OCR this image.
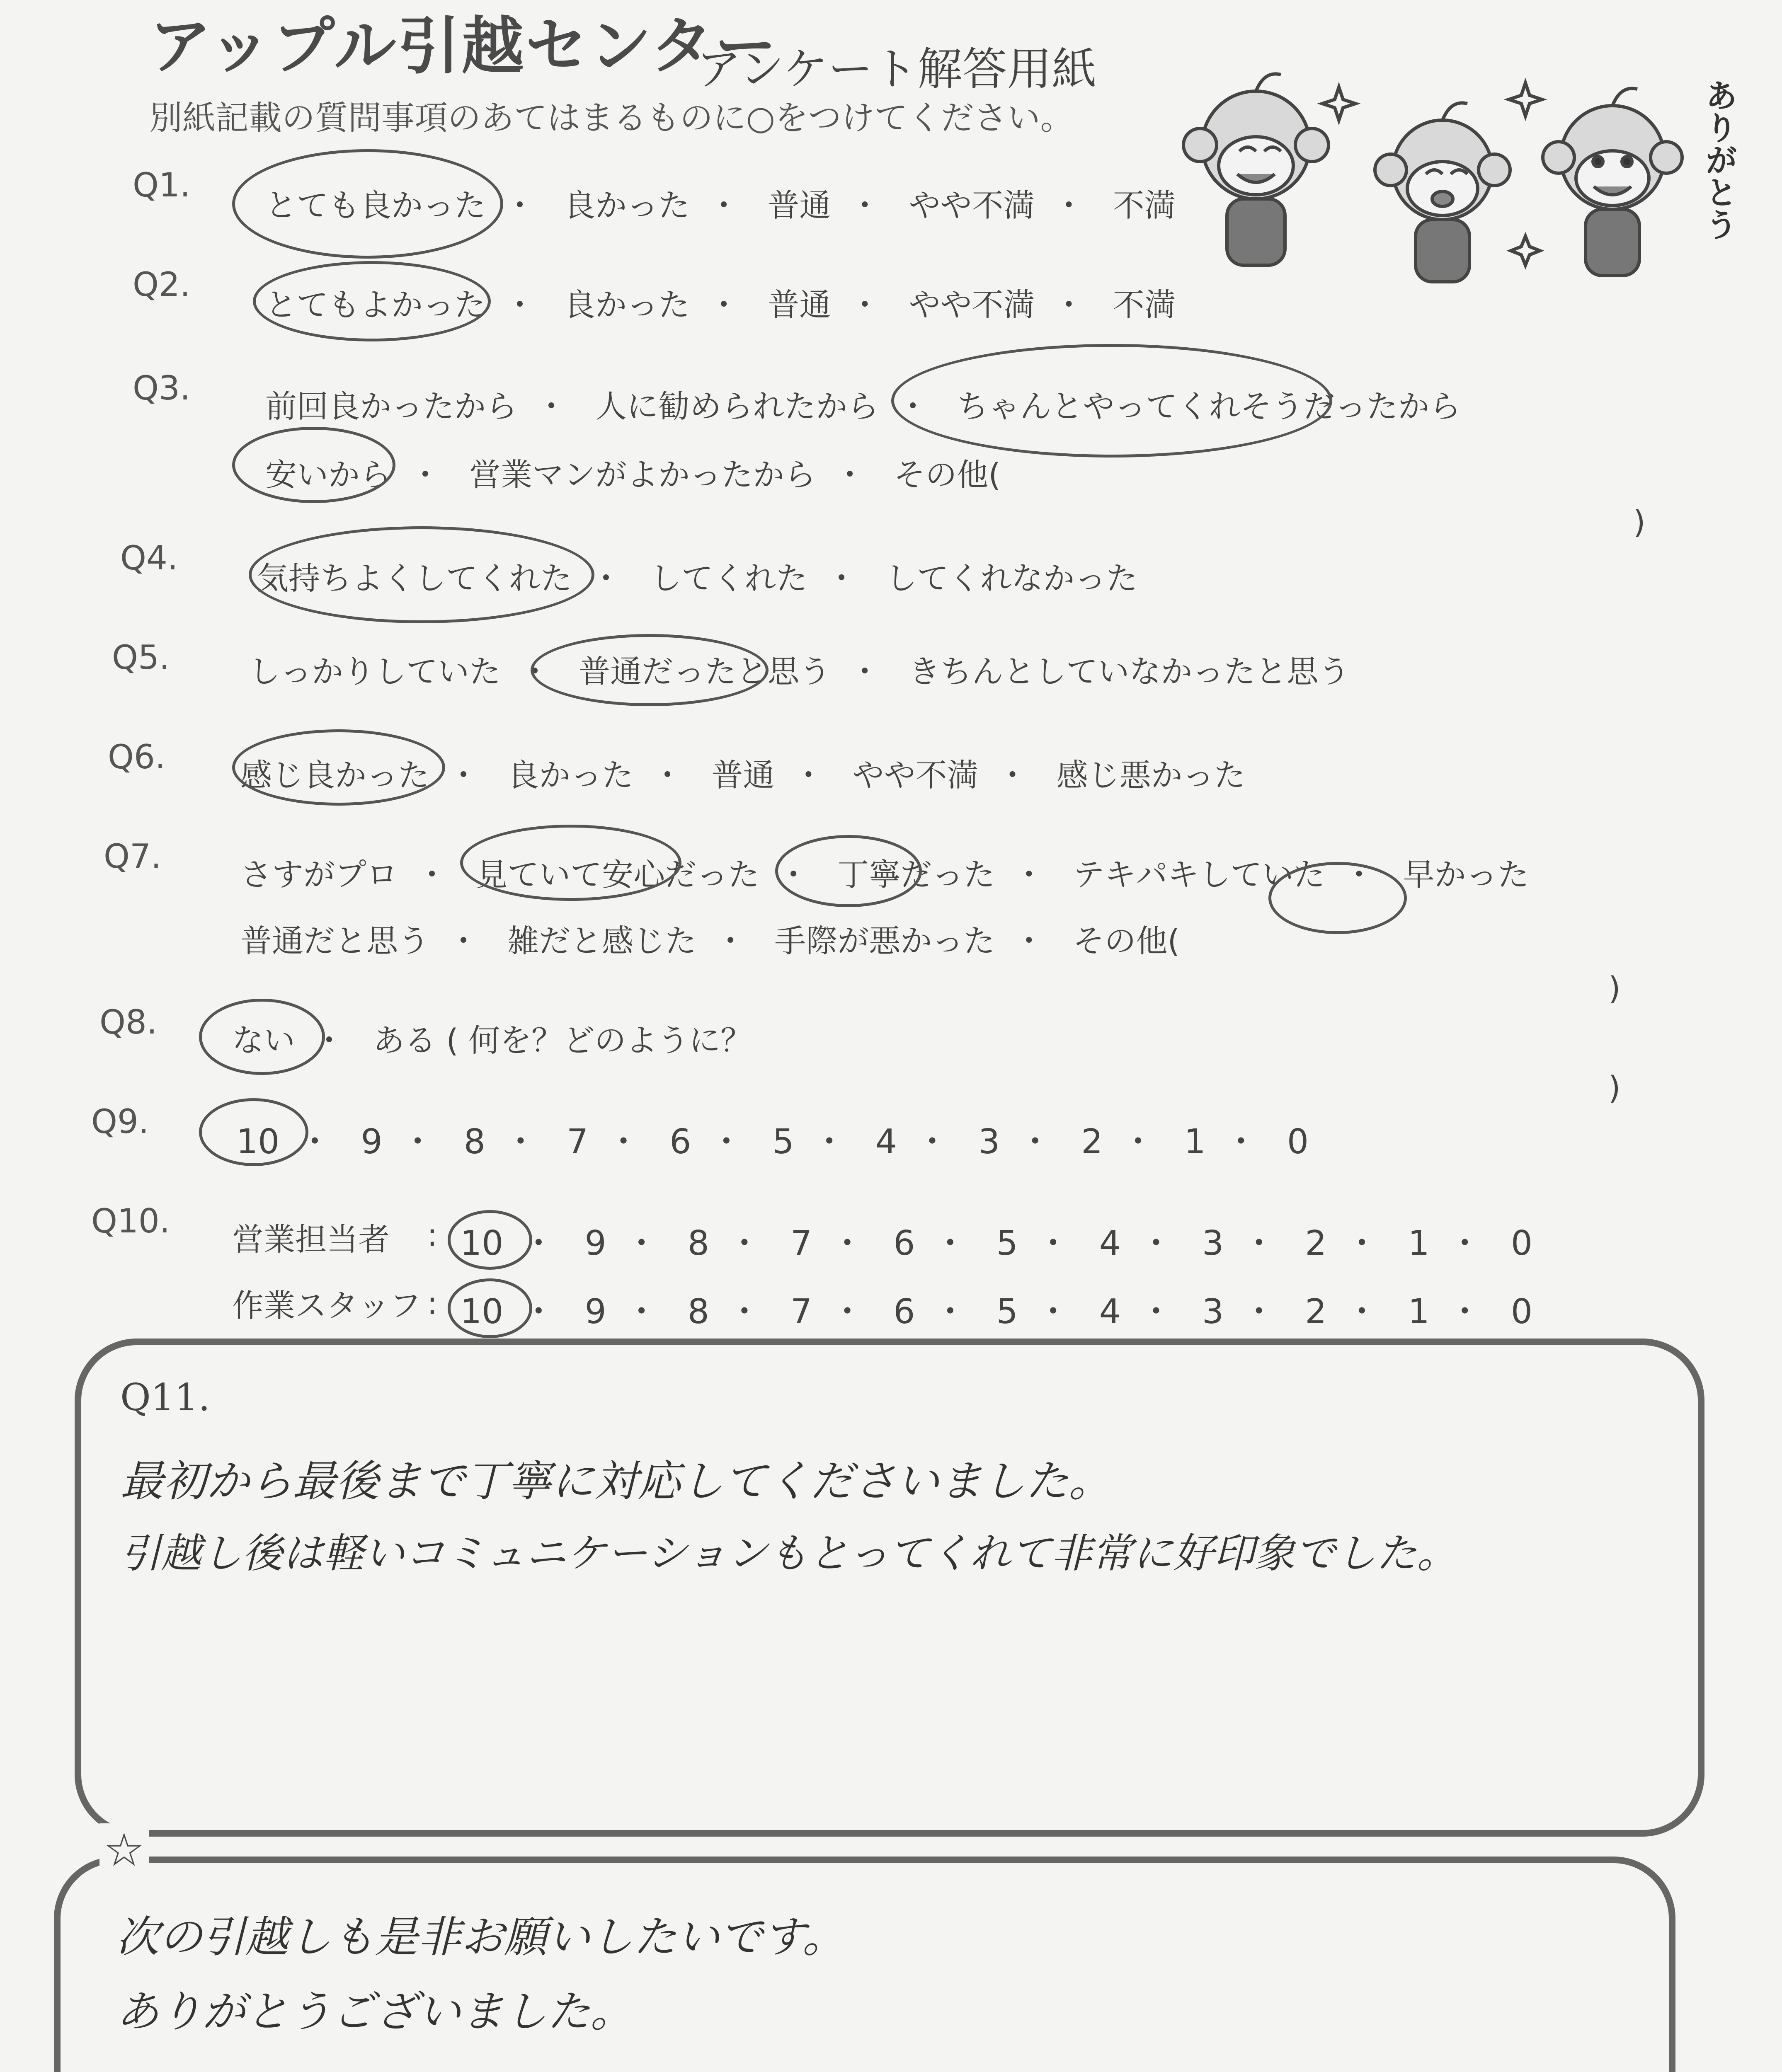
アップル引越センター
アンケート解答用紙
別紙記載の質問事項のあてはまるものに○をつけてください。	ありがとう
Q1.
とても良かった ・ 良かった ・ 普通 ・ やや不満 ・ 不満
Q2.
とてもよかった ・ 良かった ・ 普通 ・ やや不満 ・ 不満
Q3. 前回良かったから ・ 人に勧められたから ・ ちゃんとやってくれそうだったから
安いから ・ 営業マンがよかったから ・ その他(
)
Q4.
気持ちよくしてくれた ・ してくれた ・ してくれなかった
Q5.	しっかりしていた ・ 普通だったと思う ・ きちんとしていなかったと思う
Q6. 感じ良かった ・ 良かった ・ 普通 ・ やや不満 ・ 感じ悪かった
Q7.	さすがプロ ・ 見ていて安心だった ・ 丁寧だった ・ テキパキしていた ・ 早かった
普通だと思う ・ 雑だと感じた ・ 手際が悪かった ・ その他(
)
Q8. ない ・ ある ( 何を？どのように？
)
Q9.
10 ・ 9 ・ 8 ・ 7 ・ 6 ・ 5 ・ 4 ・ 3 ・ 2 ・ 1 ・ 0
Q10. 営業担当者 : 10 ・ 9 ・ 8 ・ 7 ・ 6 ・ 5 ・ 4 ・ 3 ・ 2 ・ 1 ・ 0
作業スタッフ : 10 ・ 9 ・ 8 ・ 7 ・ 6 ・ 5 ・ 4 ・ 3 ・ 2 ・ 1 ・ 0
Q11.
最初から最後まで丁寧に対応してくださいました。
引越し後は軽いコミュニケーションもとってくれて非常に好印象でした。
☆
次の引越しも是非お願いしたいです。
ありがとうございました。
